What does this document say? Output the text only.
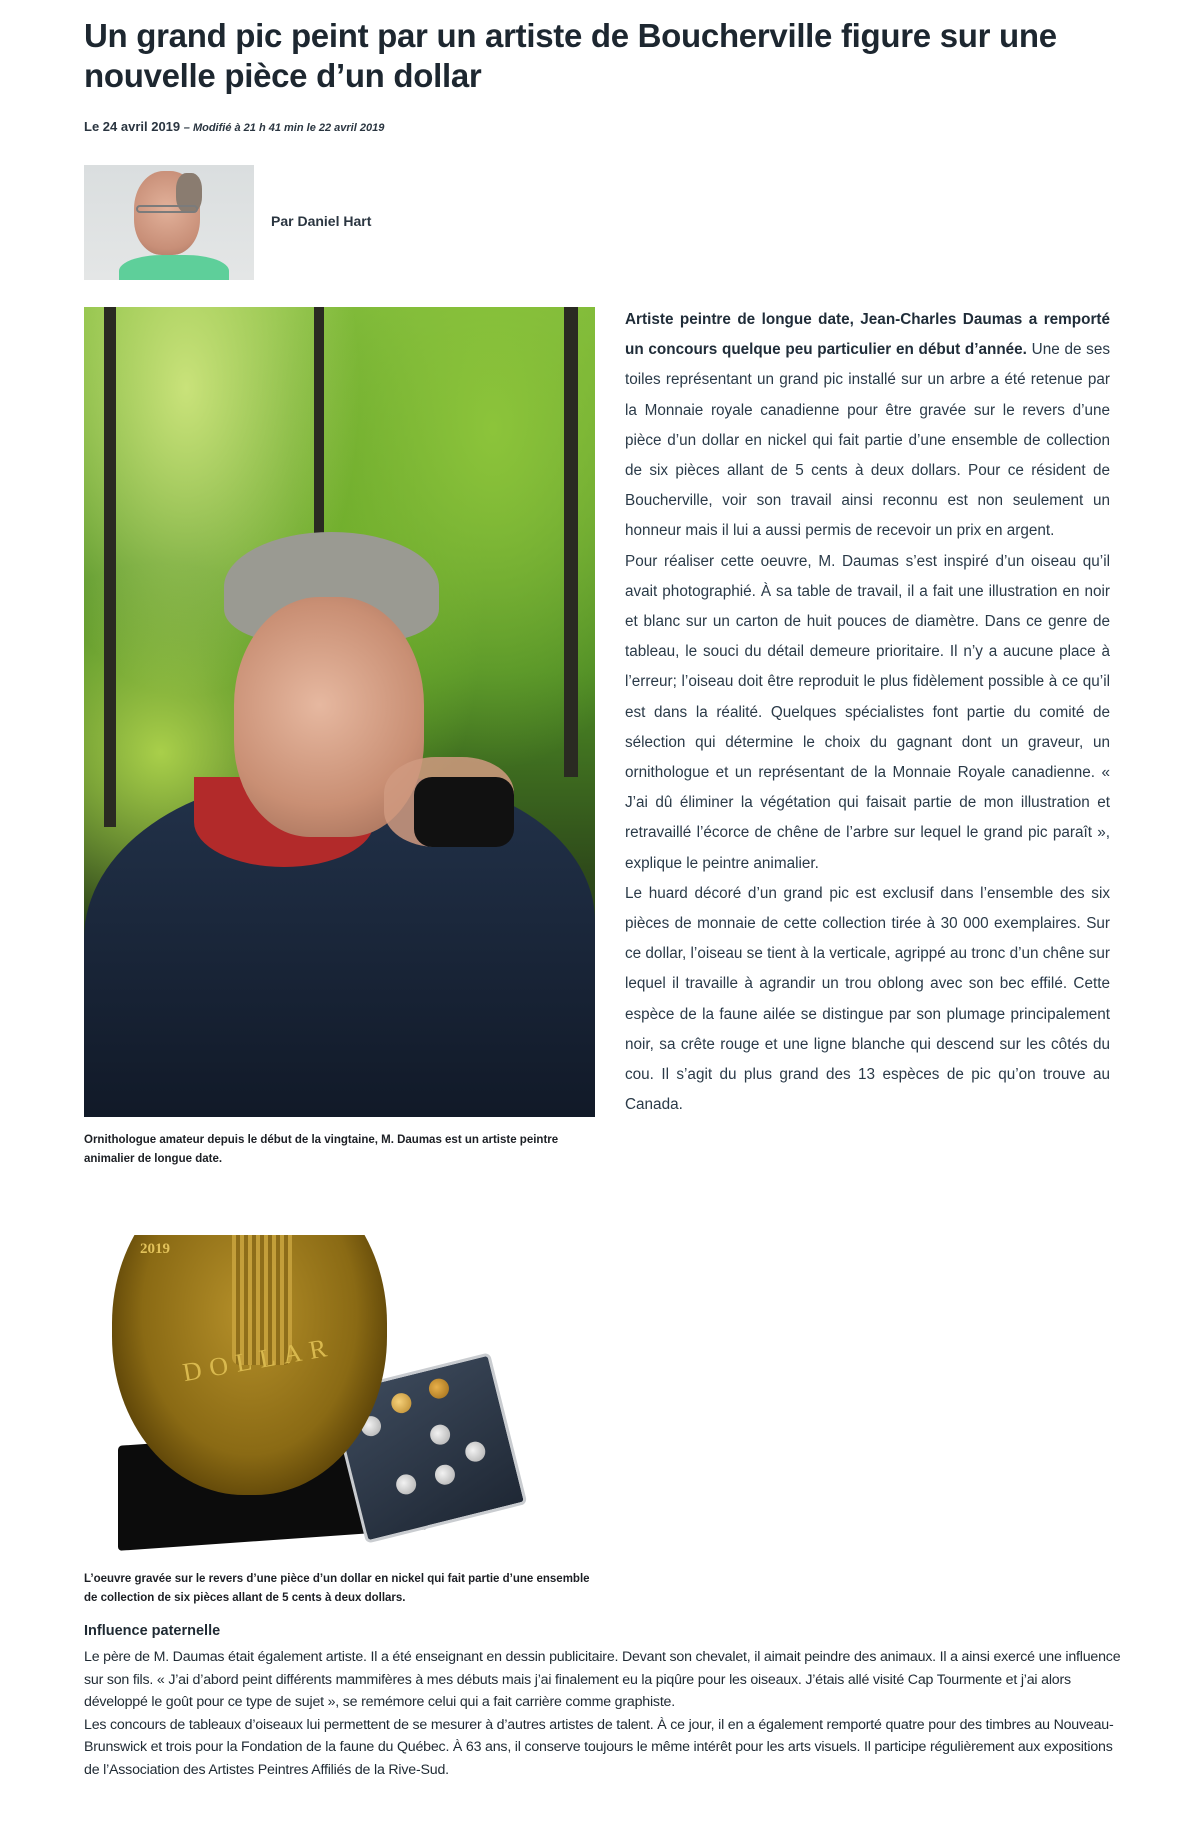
Un grand pic peint par un artiste de Boucherville figure sur une nouvelle pièce d’un dollar
Le 24 avril 2019 – Modifié à 21 h 41 min le 22 avril 2019
Par Daniel Hart
Ornithologue amateur depuis le début de la vingtaine, M. Daumas est un artiste peintre animalier de longue date.

Artiste peintre de longue date, Jean-Charles Daumas a remporté un concours quelque peu particulier en début d’année. Une de ses toiles représentant un grand pic installé sur un arbre a été retenue par la Monnaie royale canadienne pour être gravée sur le revers d’une pièce d’un dollar en nickel qui fait partie d’une ensemble de collection de six pièces allant de 5 cents à deux dollars. Pour ce résident de Boucherville, voir son travail ainsi reconnu est non seulement un honneur mais il lui a aussi permis de recevoir un prix en argent.

Pour réaliser cette oeuvre, M. Daumas s’est inspiré d’un oiseau qu’il avait photographié. À sa table de travail, il a fait une illustration en noir et blanc sur un carton de huit pouces de diamètre. Dans ce genre de tableau, le souci du détail demeure prioritaire. Il n’y a aucune place à l’erreur; l’oiseau doit être reproduit le plus fidèlement possible à ce qu’il est dans la réalité. Quelques spécialistes font partie du comité de sélection qui détermine le choix du gagnant dont un graveur, un ornithologue et un représentant de la Monnaie Royale canadienne. « J’ai dû éliminer la végétation qui faisait partie de mon illustration et retravaillé l’écorce de chêne de l’arbre sur lequel le grand pic paraît », explique le peintre animalier.

Le huard décoré d’un grand pic est exclusif dans l’ensemble des six pièces de monnaie de cette collection tirée à 30 000 exemplaires. Sur ce dollar, l’oiseau se tient à la verticale, agrippé au tronc d’un chêne sur lequel il travaille à agrandir un trou oblong avec son bec effilé. Cette espèce de la faune ailée se distingue par son plumage principalement noir, sa crête rouge et une ligne blanche qui descend sur les côtés du cou. Il s’agit du plus grand des 13 espèces de pic qu’on trouve au Canada.

2019
DOLLAR
L’oeuvre gravée sur le revers d’une pièce d’un dollar en nickel qui fait partie d’une ensemble de collection de six pièces allant de 5 cents à deux dollars.
Influence paternelle

Le père de M. Daumas était également artiste. Il a été enseignant en dessin publicitaire. Devant son chevalet, il aimait peindre des animaux. Il a ainsi exercé une influence sur son fils. « J’ai d’abord peint différents mammifères à mes débuts mais j’ai finalement eu la piqûre pour les oiseaux. J’étais allé visité Cap Tourmente et j’ai alors développé le goût pour ce type de sujet », se remémore celui qui a fait carrière comme graphiste.

Les concours de tableaux d’oiseaux lui permettent de se mesurer à d’autres artistes de talent. À ce jour, il en a également remporté quatre pour des timbres au Nouveau-Brunswick et trois pour la Fondation de la faune du Québec. À 63 ans, il conserve toujours le même intérêt pour les arts visuels. Il participe régulièrement aux expositions de l’Association des Artistes Peintres Affiliés de la Rive-Sud.
